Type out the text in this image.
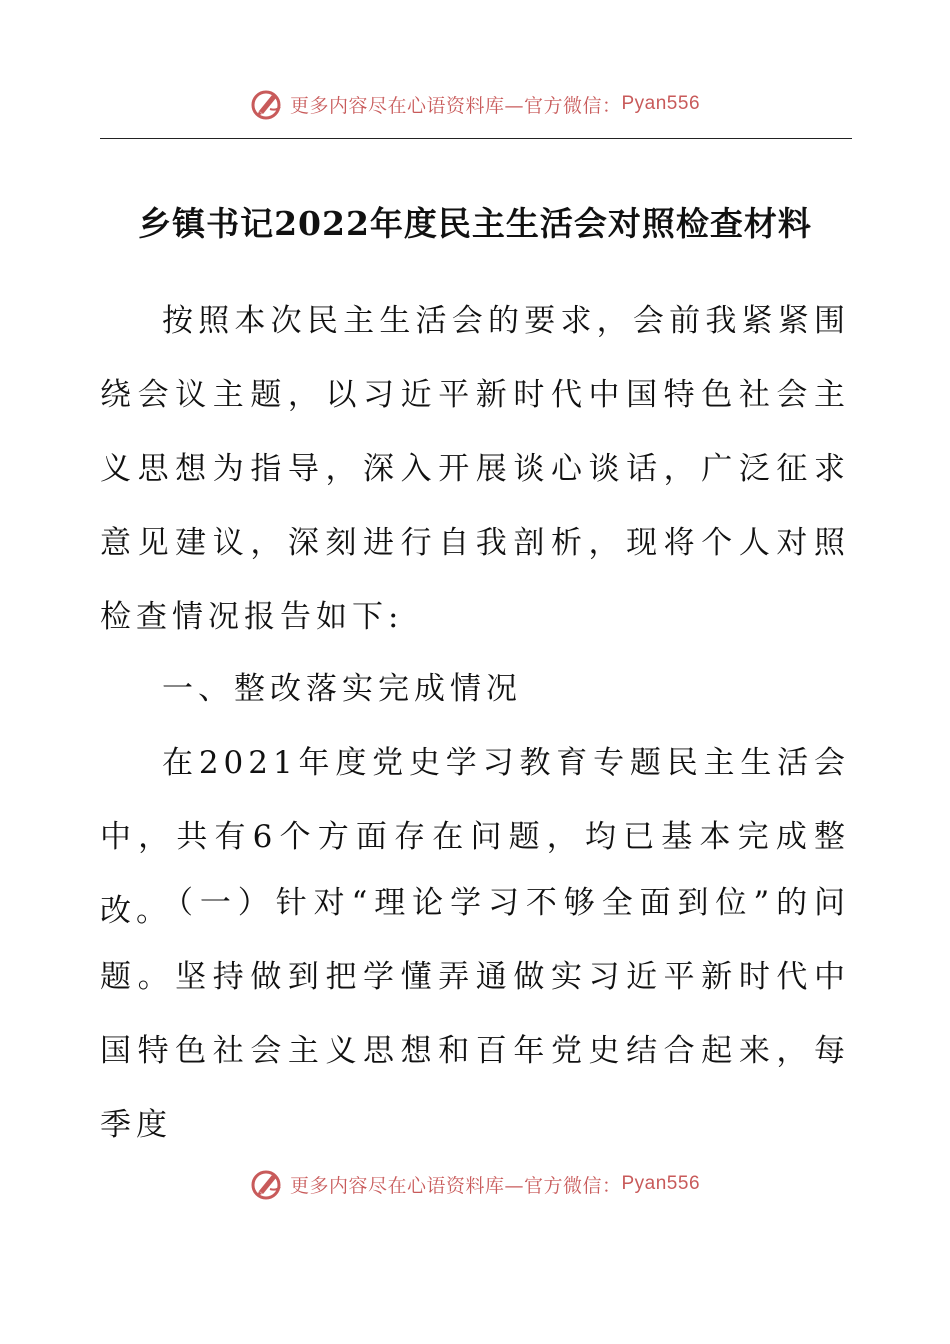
更多内容尽在心语资料库—官方微信： Pyan556
乡镇书记2022年度民主生活会对照检查材料

按照本次民主生活会的要求，会前我紧紧围绕会议主题，以习近平新时代中国特色社会主义思想为指导，深入开展谈心谈话，广泛征求意见建议，深刻进行自我剖析，现将个人对照检查情况报告如下:

一、整改落实完成情况

在2021年度党史学习教育专题民主生活会中，共有6个方面存在问题，均已基本完成整改。

（一）针对“理论学习不够全面到位”的问题。坚持做到把学懂弄通做实习近平新时代中国特色社会主义思想和百年党史结合起来，每季度

更多内容尽在心语资料库—官方微信： Pyan556
